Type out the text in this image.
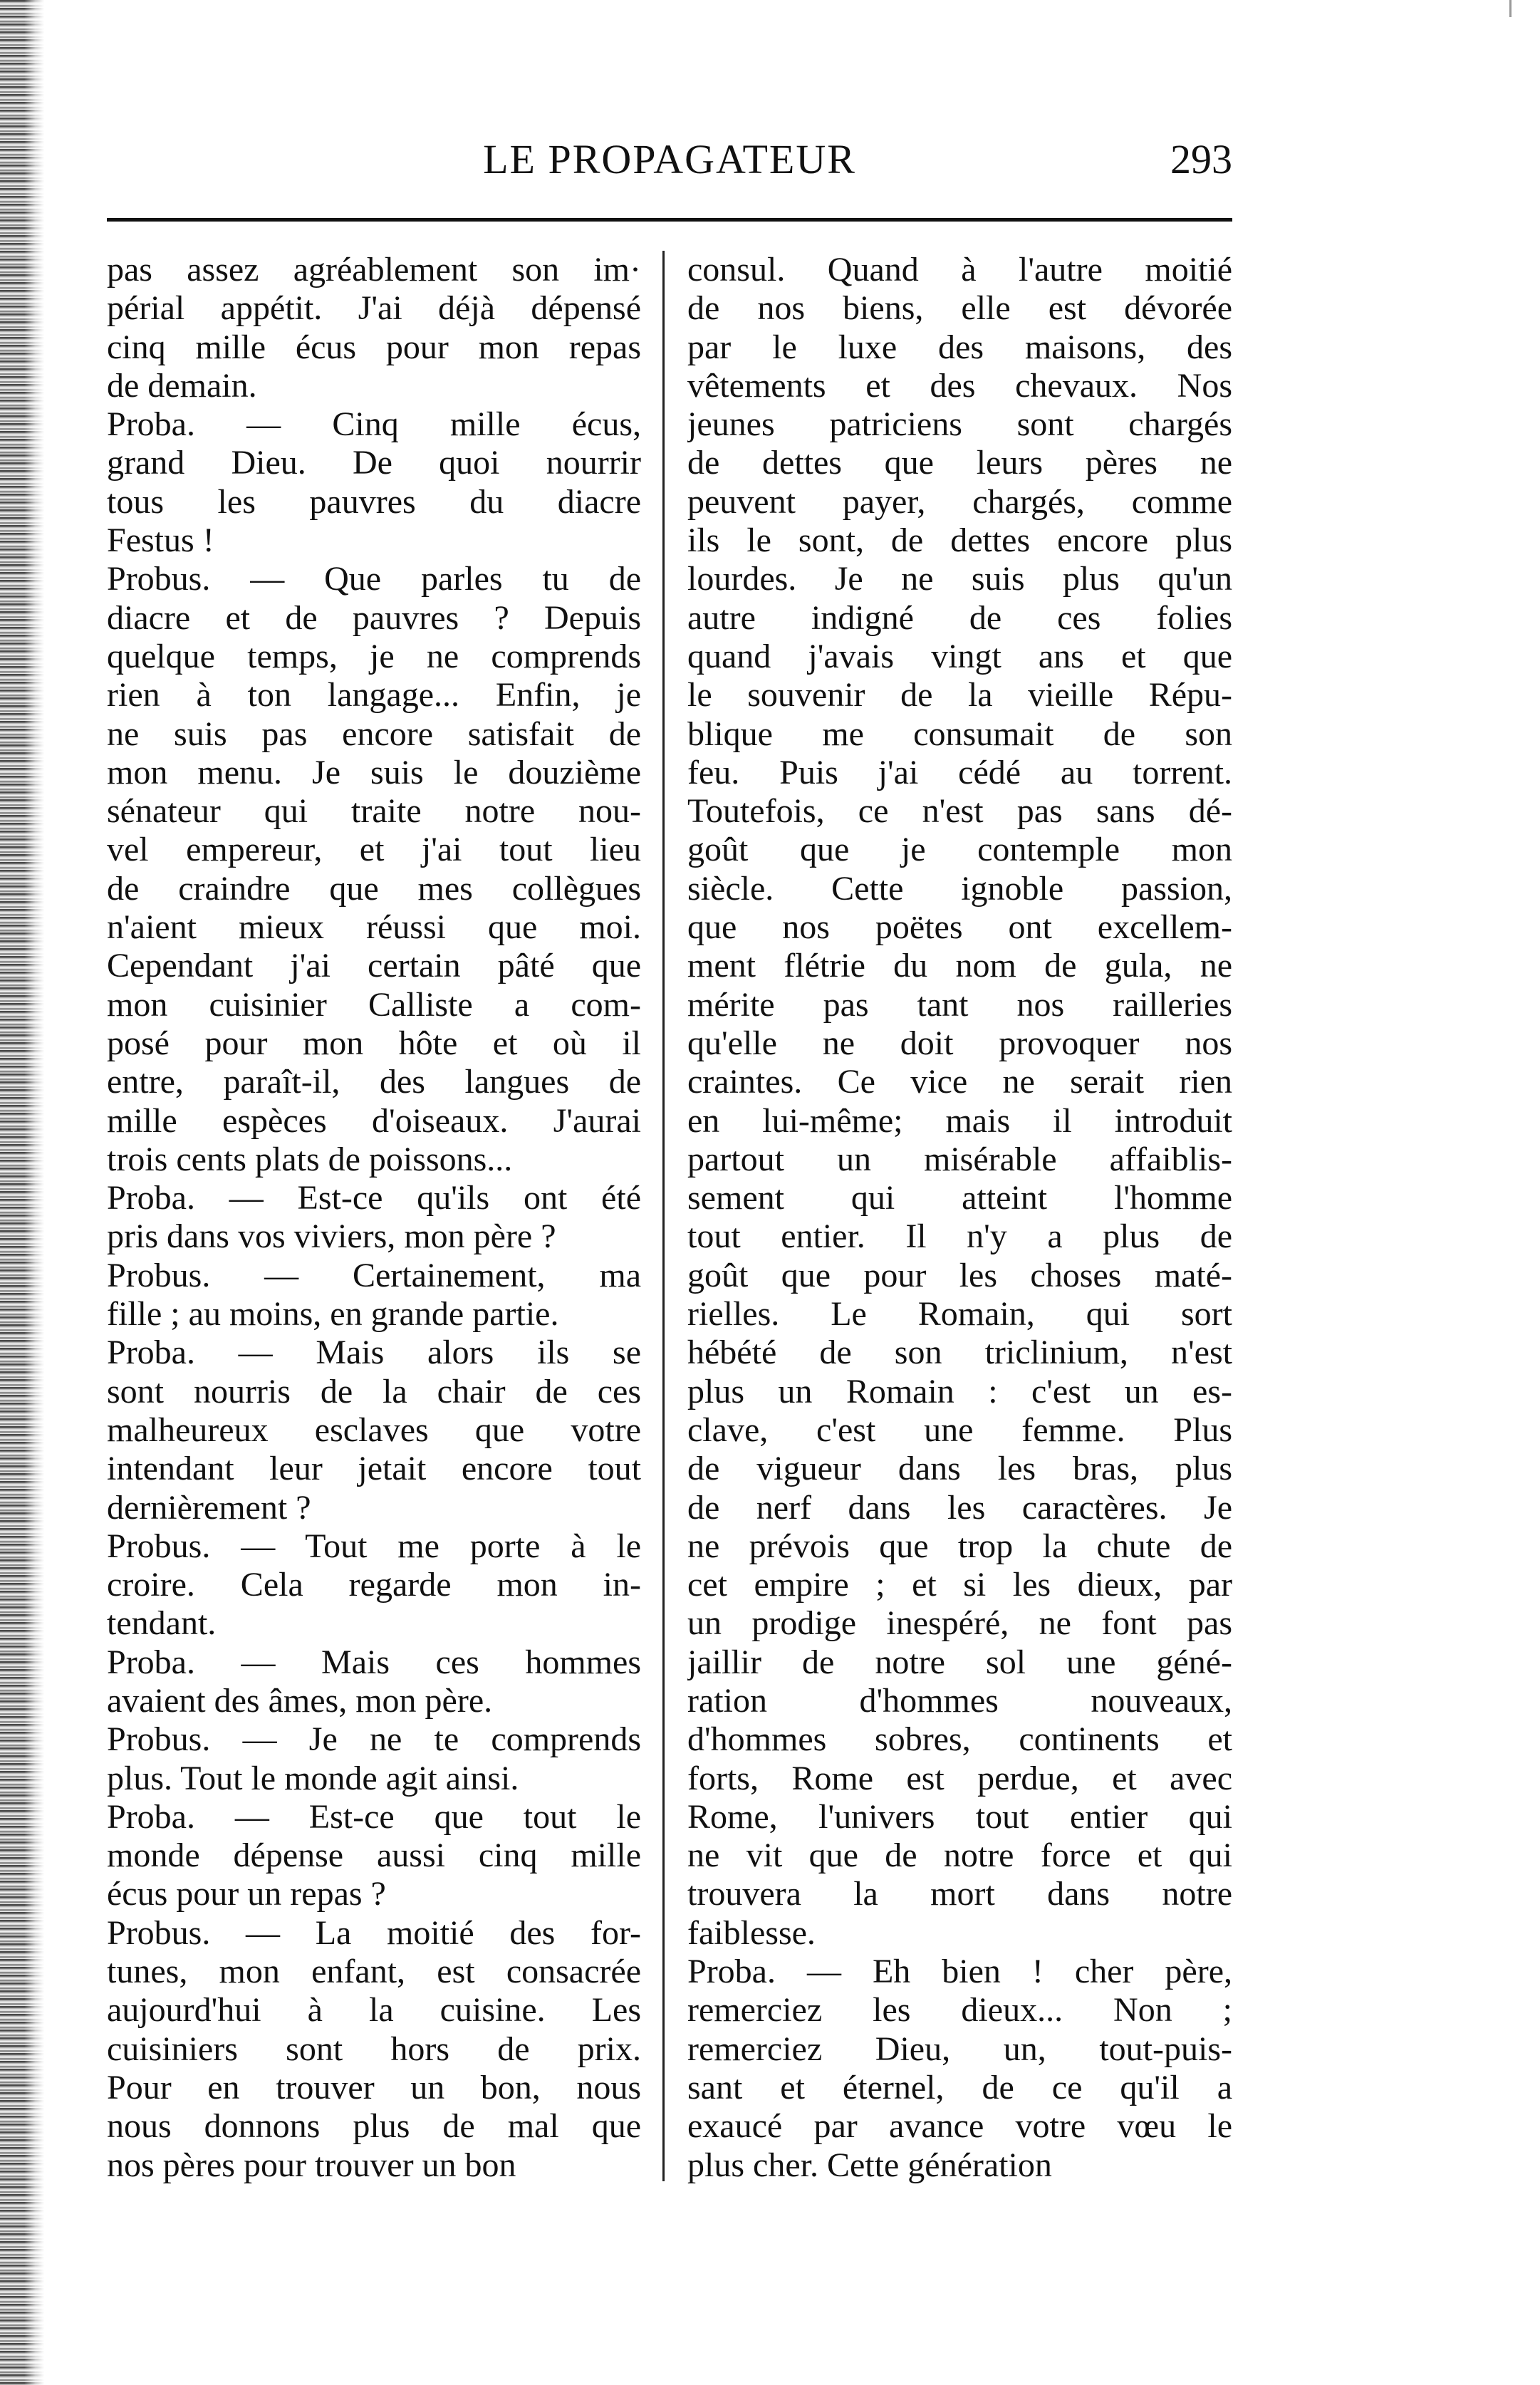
LE PROPAGATEUR	293
pas assez agréablement son im·
périal appétit. J'ai déjà dépensé
cinq mille écus pour mon repas
de demain.
Proba. — Cinq mille écus,
grand Dieu. De quoi nourrir
tous les pauvres du diacre
Festus !
Probus. — Que parles tu de
diacre et de pauvres ? Depuis
quelque temps, je ne comprends
rien à ton langage... Enfin, je
ne suis pas encore satisfait de
mon menu. Je suis le douzième
sénateur qui traite notre nou-
vel empereur, et j'ai tout lieu
de craindre que mes collègues
n'aient mieux réussi que moi.
Cependant j'ai certain pâté que
mon cuisinier Calliste a com-
posé pour mon hôte et où il
entre, paraît-il, des langues de
mille espèces d'oiseaux. J'aurai
trois cents plats de poissons...
Proba. — Est-ce qu'ils ont été
pris dans vos viviers, mon père ?
Probus. — Certainement, ma
fille ; au moins, en grande partie.
Proba. — Mais alors ils se
sont nourris de la chair de ces
malheureux esclaves que votre
intendant leur jetait encore tout
dernièrement ?
Probus. — Tout me porte à le
croire. Cela regarde mon in-
tendant.
Proba. — Mais ces hommes
avaient des âmes, mon père.
Probus. — Je ne te comprends
plus. Tout le monde agit ainsi.
Proba. — Est-ce que tout le
monde dépense aussi cinq mille
écus pour un repas ?
Probus. — La moitié des for-
tunes, mon enfant, est consacrée
aujourd'hui à la cuisine. Les
cuisiniers sont hors de prix.
Pour en trouver un bon, nous
nous donnons plus de mal que
nos pères pour trouver un bon
consul. Quand à l'autre moitié
de nos biens, elle est dévorée
par le luxe des maisons, des
vêtements et des chevaux. Nos
jeunes patriciens sont chargés
de dettes que leurs pères ne
peuvent payer, chargés, comme
ils le sont, de dettes encore plus
lourdes. Je ne suis plus qu'un
autre indigné de ces folies
quand j'avais vingt ans et que
le souvenir de la vieille Répu-
blique me consumait de son
feu. Puis j'ai cédé au torrent.
Toutefois, ce n'est pas sans dé-
goût que je contemple mon
siècle. Cette ignoble passion,
que nos poëtes ont excellem-
ment flétrie du nom de gula, ne
mérite pas tant nos railleries
qu'elle ne doit provoquer nos
craintes. Ce vice ne serait rien
en lui-même; mais il introduit
partout un misérable affaiblis-
sement qui atteint l'homme
tout entier. Il n'y a plus de
goût que pour les choses maté-
rielles. Le Romain, qui sort
hébété de son triclinium, n'est
plus un Romain : c'est un es-
clave, c'est une femme. Plus
de vigueur dans les bras, plus
de nerf dans les caractères. Je
ne prévois que trop la chute de
cet empire ; et si les dieux, par
un prodige inespéré, ne font pas
jaillir de notre sol une géné-
ration d'hommes nouveaux,
d'hommes sobres, continents et
forts, Rome est perdue, et avec
Rome, l'univers tout entier qui
ne vit que de notre force et qui
trouvera la mort dans notre
faiblesse.
Proba. — Eh bien ! cher père,
remerciez les dieux... Non ;
remerciez Dieu, un, tout-puis-
sant et éternel, de ce qu'il a
exaucé par avance votre vœu le
plus cher. Cette génération
